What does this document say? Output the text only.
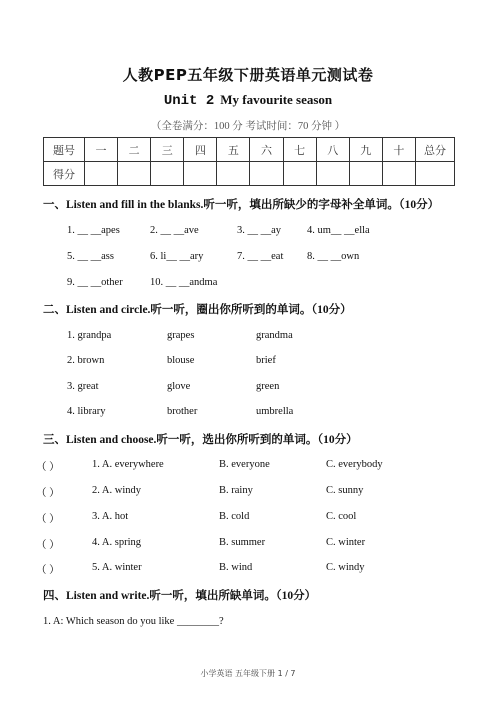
人教PEP五年级下册英语单元测试卷
Unit 2 My favourite season
（全卷满分：100 分 考试时间：70 分钟 ）
题号	一	二	三	四	五	六	七	八	九	十	总分
得分											
一、Listen and fill in the blanks.听一听，填出所缺少的字母补全单词。（10分）
1. __ __apes	2. __ __ave	3. __ __ay 4. um__ __ella
5. __ __ass	6. li__ __ary	7. __ __eat 8. __ __own
9. __ __other	10. __ __andma
二、Listen and circle.听一听，圈出你所听到的单词。（10分）
1. grandpa	grapes	grandma
2. brown	blouse	brief
3. great	glove	green
4. library	brother	umbrella
三、Listen and choose.听一听，选出你所听到的单词。（10分）
（ ）	1. A. everywhere	B. everyone	C. everybody
（ ）	2. A. windy	B. rainy	C. sunny
（ ）	3. A. hot	B. cold	C. cool
（ ）	4. A. spring	B. summer	C. winter
（ ）	5. A. winter	B. wind	C. windy
四、Listen and write.听一听，填出所缺单词。（10分）
1. A: Which season do you like ________?
小学英语 五年级下册 1 / 7
